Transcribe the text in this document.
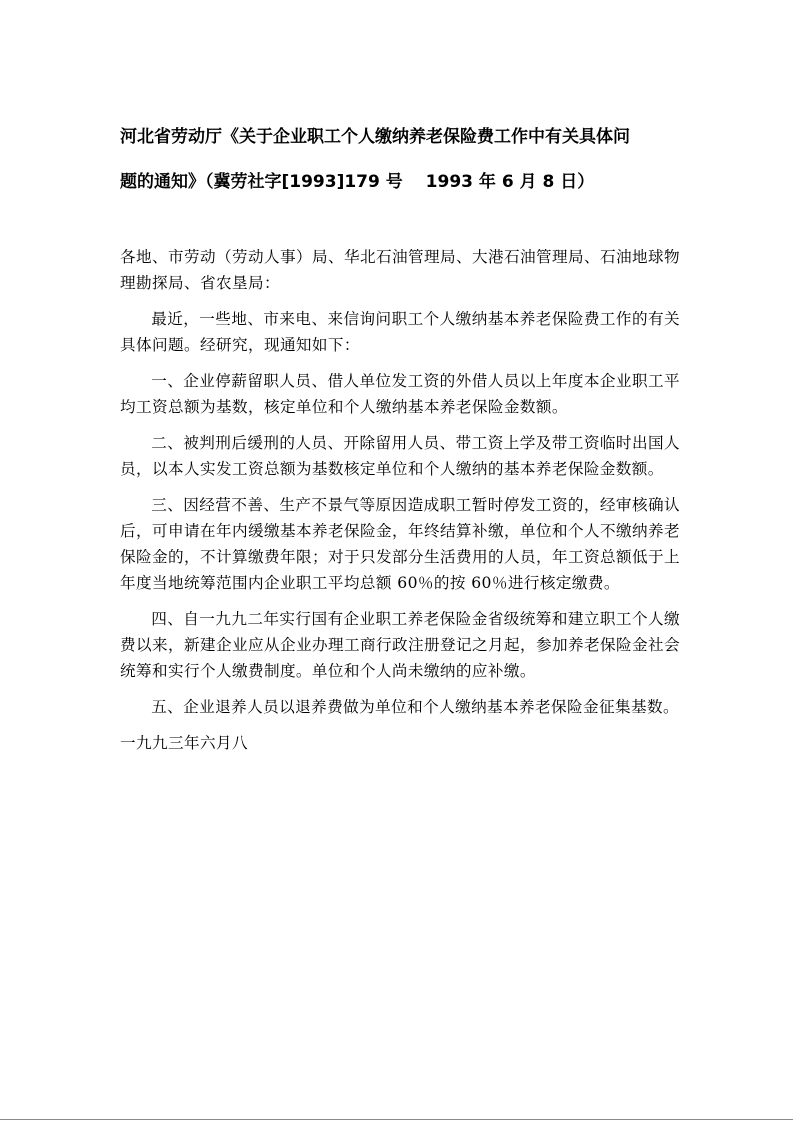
河北省劳动厅《关于企业职工个人缴纳养老保险费工作中有关具体问
题的通知》（冀劳社字[1993]179 号　 1993 年 6 月 8 日）

各地、市劳动（劳动人事）局、华北石油管理局、大港石油管理局、石油地球物理勘探局、省农垦局：

最近，一些地、市来电、来信询问职工个人缴纳基本养老保险费工作的有关具体问题。经研究，现通知如下：

一、企业停薪留职人员、借人单位发工资的外借人员以上年度本企业职工平均工资总额为基数，核定单位和个人缴纳基本养老保险金数额。

二、被判刑后缓刑的人员、开除留用人员、带工资上学及带工资临时出国人员，以本人实发工资总额为基数核定单位和个人缴纳的基本养老保险金数额。

三、因经营不善、生产不景气等原因造成职工暂时停发工资的，经审核确认后，可申请在年内缓缴基本养老保险金，年终结算补缴，单位和个人不缴纳养老保险金的，不计算缴费年限；对于只发部分生活费用的人员，年工资总额低于上年度当地统筹范围内企业职工平均总额 60％的按 60％进行核定缴费。

四、自一九九二年实行国有企业职工养老保险金省级统筹和建立职工个人缴费以来，新建企业应从企业办理工商行政注册登记之月起，参加养老保险金社会统筹和实行个人缴费制度。单位和个人尚未缴纳的应补缴。

五、企业退养人员以退养费做为单位和个人缴纳基本养老保险金征集基数。

一九九三年六月八
